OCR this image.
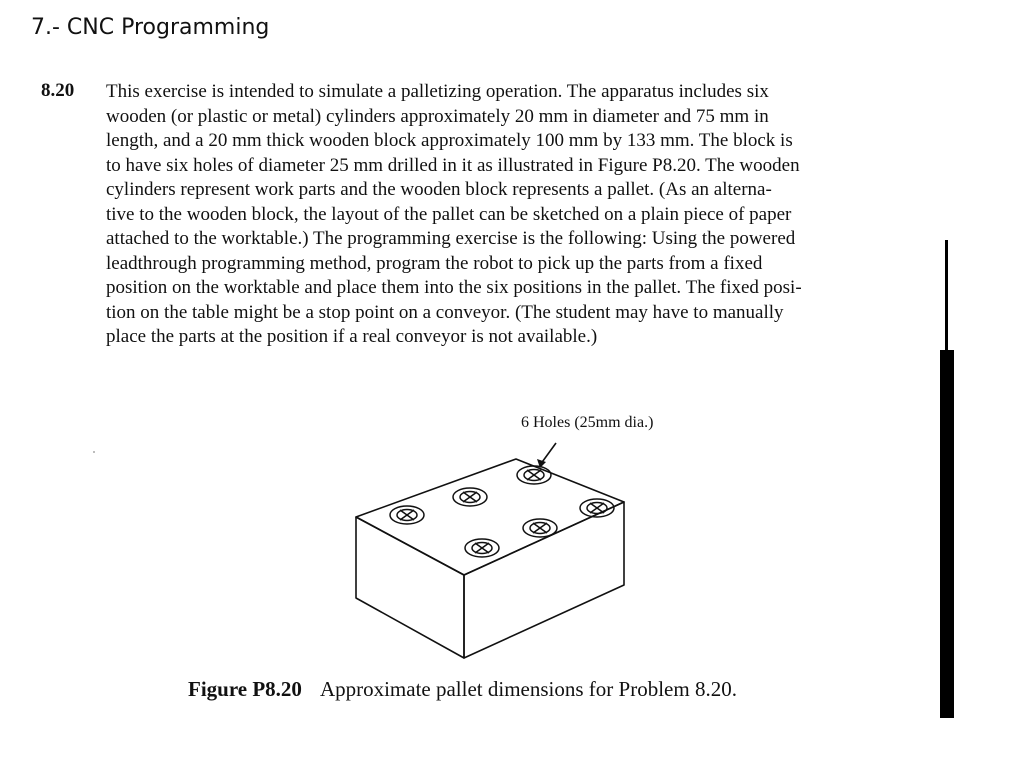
7.- CNC Programming
8.20 This exercise is intended to simulate a palletizing operation. The apparatus includes six
wooden (or plastic or metal) cylinders approximately 20 mm in diameter and 75 mm in
length, and a 20 mm thick wooden block approximately 100 mm by 133 mm. The block is
to have six holes of diameter 25 mm drilled in it as illustrated in Figure P8.20. The wooden
cylinders represent work parts and the wooden block represents a pallet. (As an alterna-
tive to the wooden block, the layout of the pallet can be sketched on a plain piece of paper
attached to the worktable.) The programming exercise is the following: Using the powered
leadthrough programming method, program the robot to pick up the parts from a fixed
position on the worktable and place them into the six positions in the pallet. The fixed posi-
tion on the table might be a stop point on a conveyor. (The student may have to manually
place the parts at the position if a real conveyor is not available.)
6 Holes (25mm dia.)
Figure P8.20 Approximate pallet dimensions for Problem 8.20.
